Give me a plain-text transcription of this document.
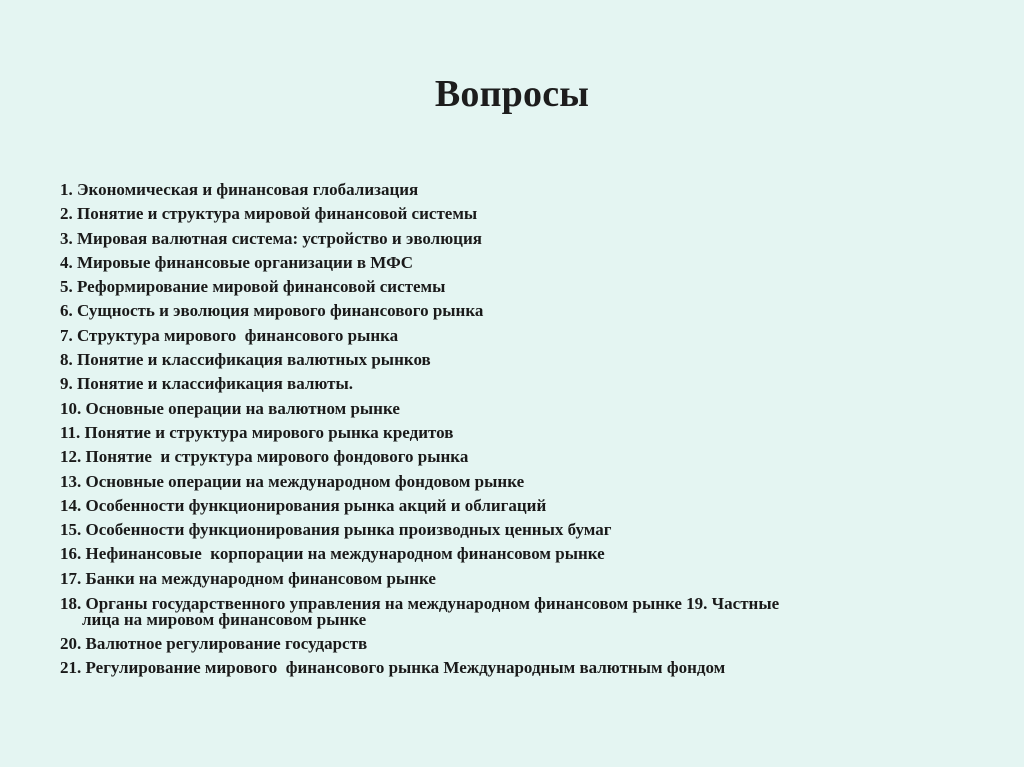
Вопросы
1. Экономическая и финансовая глобализация
2. Понятие и структура мировой финансовой системы
3. Мировая валютная система: устройство и эволюция
4. Мировые финансовые организации в МФС
5. Реформирование мировой финансовой системы
6. Сущность и эволюция мирового финансового рынка
7. Структура мирового  финансового рынка
8. Понятие и классификация валютных рынков
9. Понятие и классификация валюты.
10. Основные операции на валютном рынке
11. Понятие и структура мирового рынка кредитов
12. Понятие  и структура мирового фондового рынка
13. Основные операции на международном фондовом рынке
14. Особенности функционирования рынка акций и облигаций
15. Особенности функционирования рынка производных ценных бумаг
16. Нефинансовые  корпорации на международном финансовом рынке
17. Банки на международном финансовом рынке
18. Органы государственного управления на международном финансовом рынке 19. Частные
лица на мировом финансовом рынке
20. Валютное регулирование государств
21. Регулирование мирового  финансового рынка Международным валютным фондом
